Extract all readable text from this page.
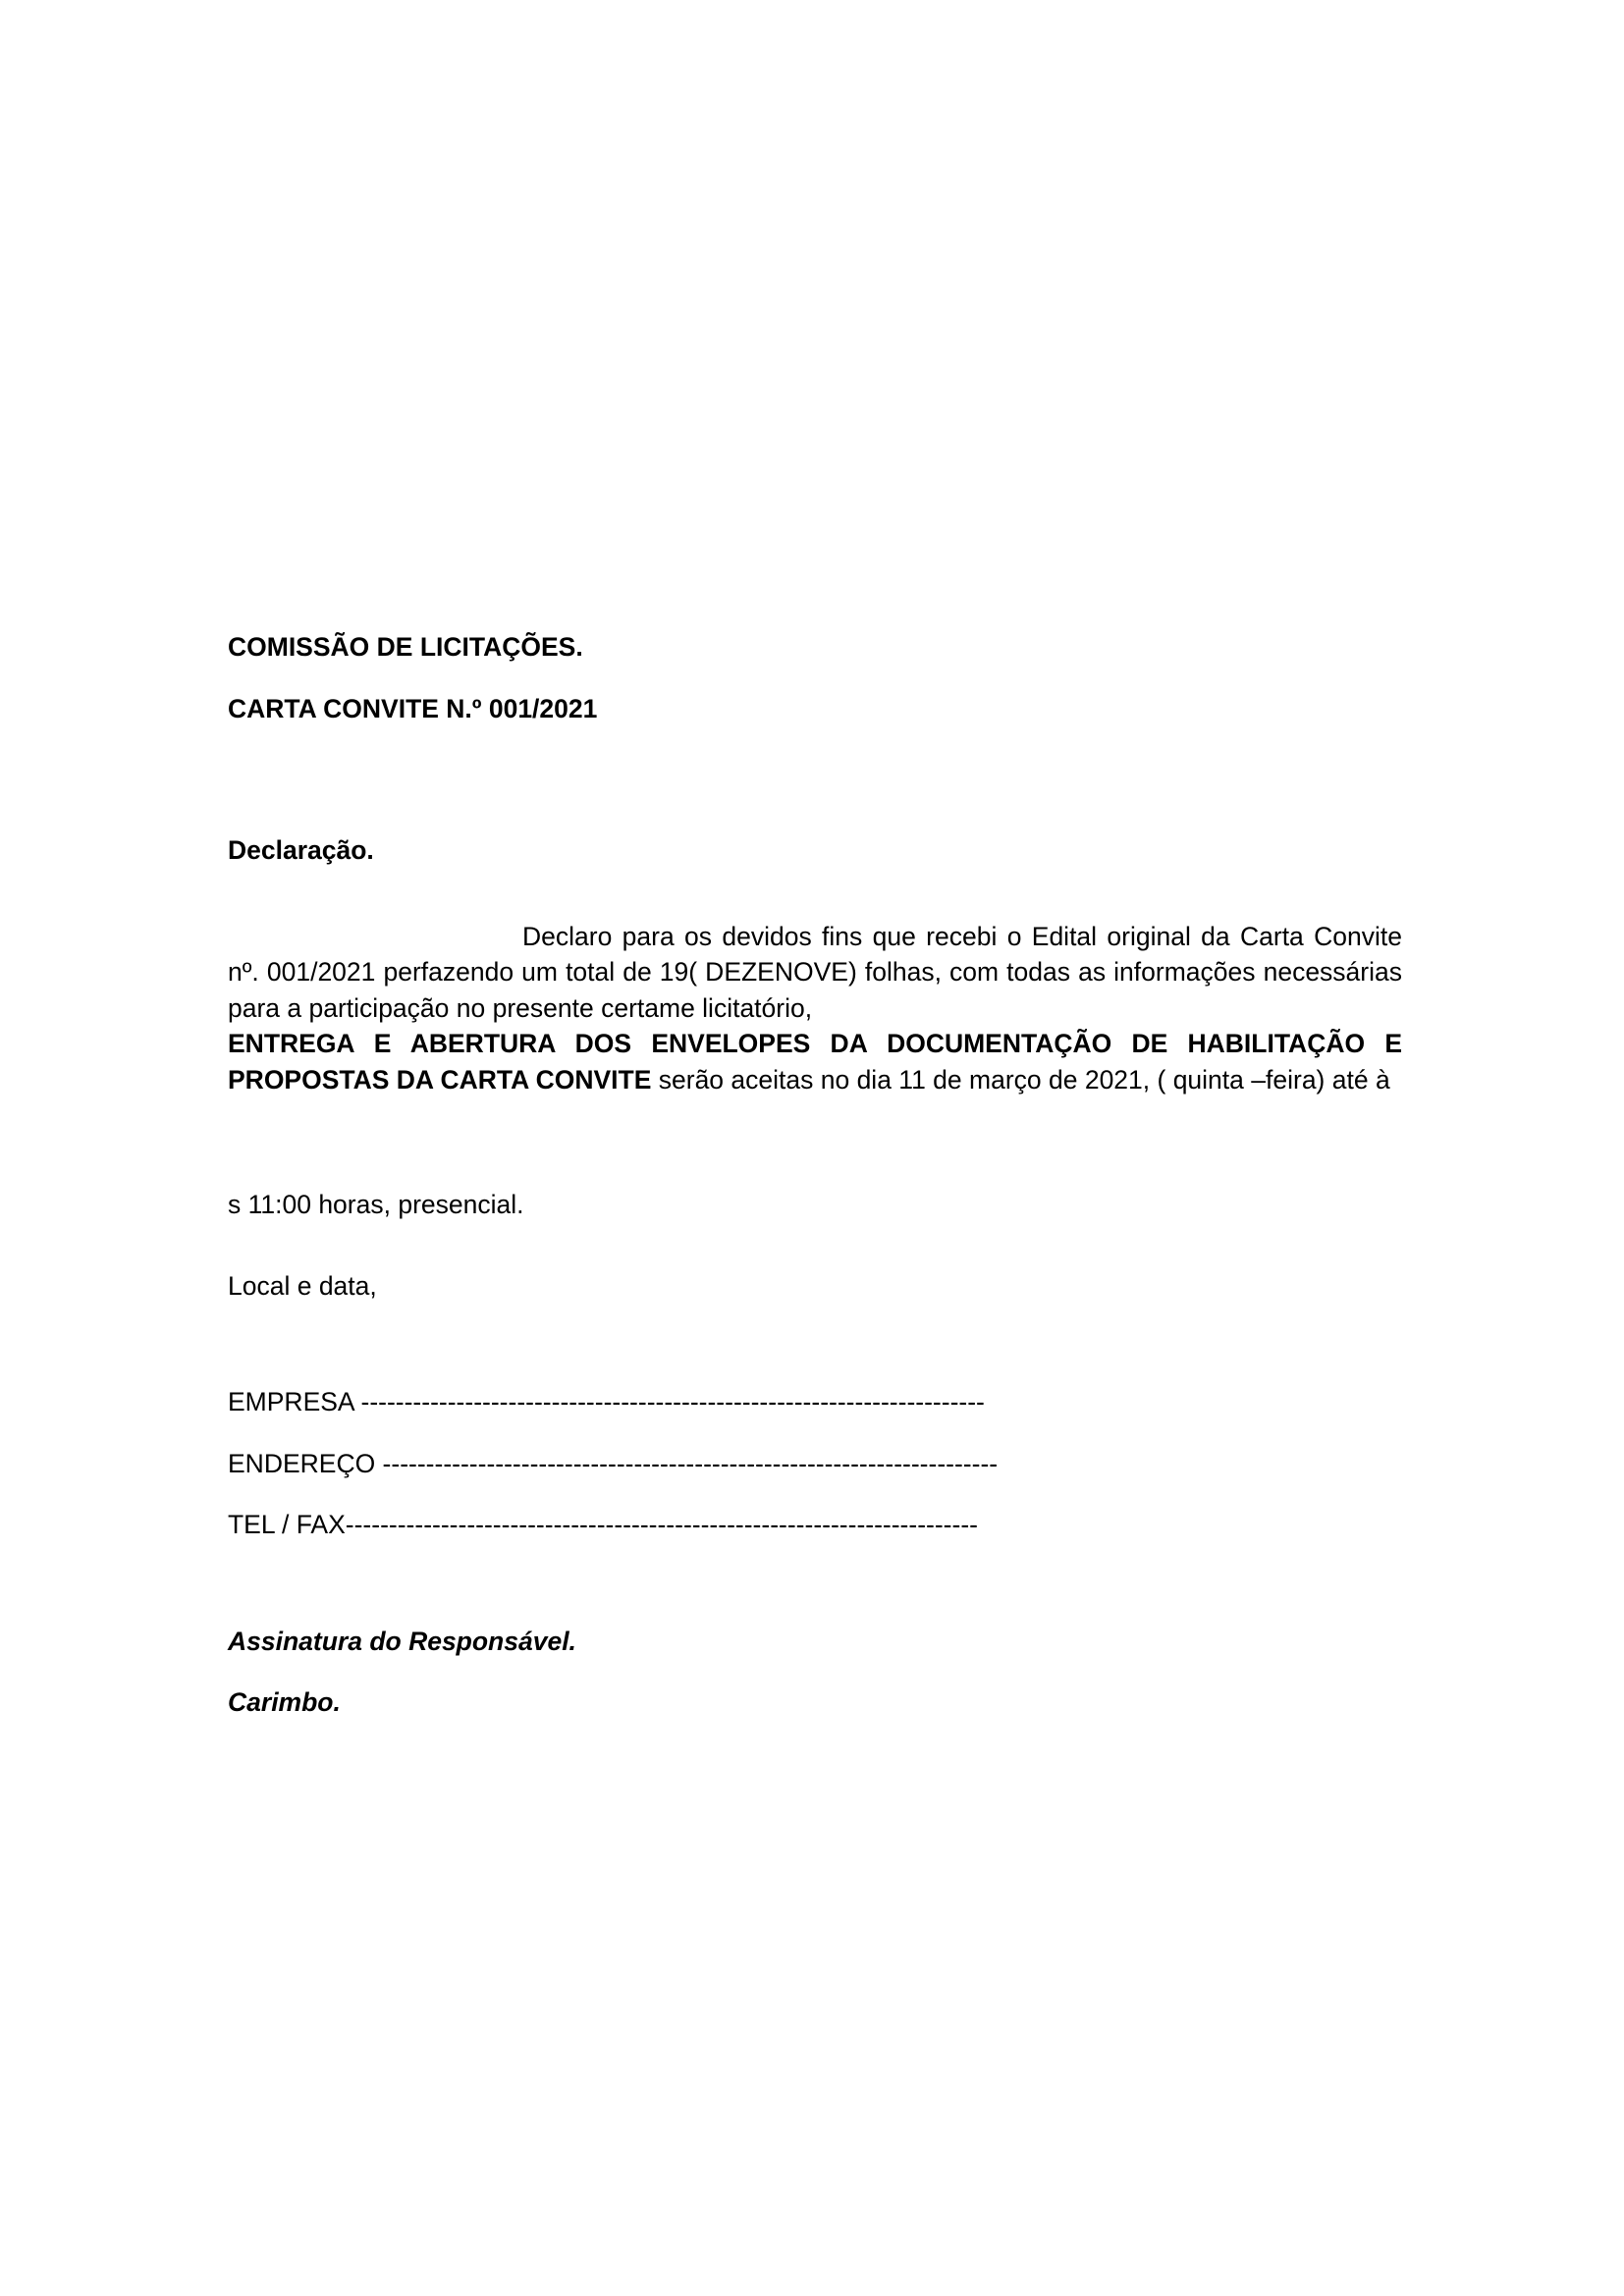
COMISSÃO DE LICITAÇÕES.

CARTA CONVITE N.º 001/2021

Declaração.

Declaro para os devidos fins que recebi o Edital original da Carta Convite nº. 001/2021 perfazendo um total de 19( DEZENOVE) folhas, com todas as informações necessárias para a participação no presente certame licitatório,
ENTREGA E ABERTURA DOS ENVELOPES DA DOCUMENTAÇÃO DE HABILITAÇÃO E PROPOSTAS DA CARTA CONVITE serão aceitas no dia 11 de março de 2021, ( quinta –feira) até à

s 11:00 horas, presencial.

Local e data,

EMPRESA ------------------------------------------------------------------------

ENDEREÇO -----------------------------------------------------------------------

TEL / FAX-------------------------------------------------------------------------

Assinatura do Responsável.

Carimbo.
